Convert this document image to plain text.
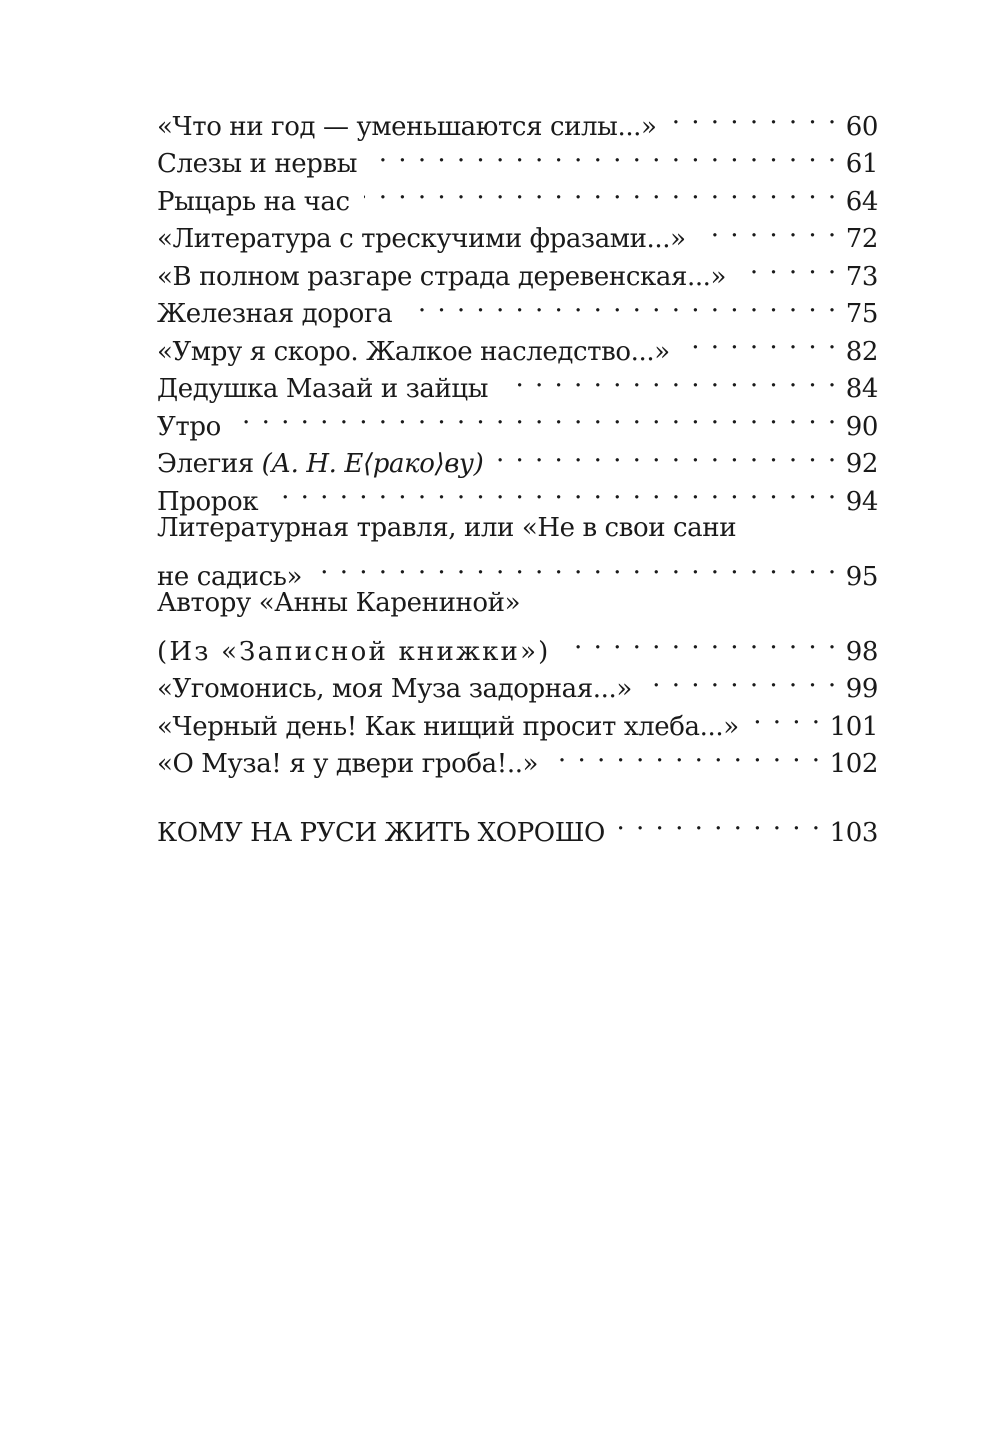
«Что ни год — уменьшаются силы...» . . .	60
Слезы и нервы . . .	61
Рыцарь на час . . .	64
«Литература с трескучими фразами...» . . .	72
«В полном разгаре страда деревенская...» . . .	73
Железная дорога . . .	75
«Умру я скоро. Жалкое наследство...» . . .	82
Дедушка Мазай и зайцы . . .	84
Утро . . .	90
Элегия (А. Н. Е⟨рако⟩ву) . . .	92
Пророк . . .	94
Литературная травля, или «Не в свои сани
не садись» . . .	95
Автору «Анны Карениной»
(Из «Записной книжки») . . .	98
«Угомонись, моя Муза задорная...» . . .	99
«Черный день! Как нищий просит хлеба...» . . .	101
«О Муза! я у двери гроба!..» . . .	102
КОМУ НА РУСИ ЖИТЬ ХОРОШО . . .	103
